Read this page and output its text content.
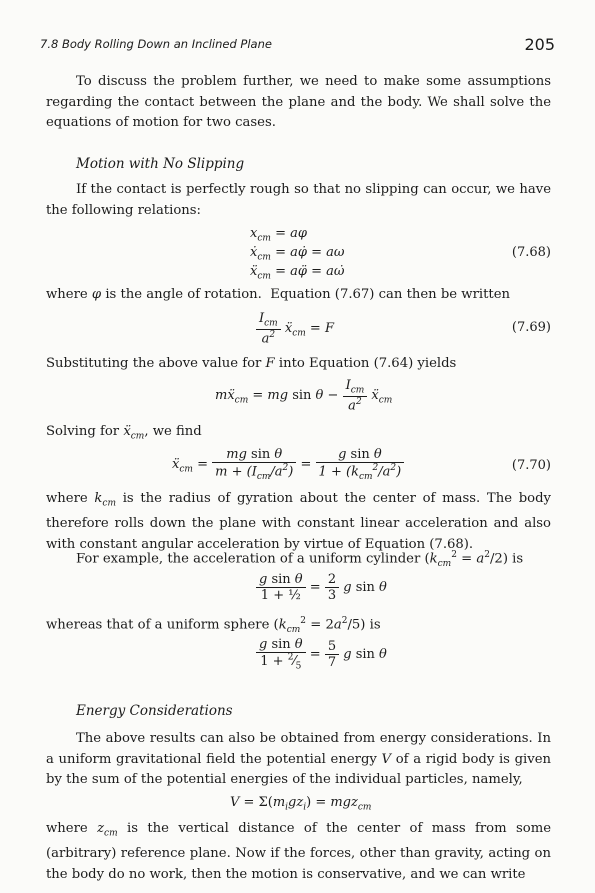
7.8 Body Rolling Down an Inclined Plane	205
To discuss the problem further, we need to make some assumptions regarding the contact between the plane and the body. We shall solve the equations of motion for two cases.
Motion with No Slipping
If the contact is perfectly rough so that no slipping can occur, we have the following relations:
$x_{cm} = a\varphi$
ẋ$_{cm}$ = aφ̇ = aω
ẍ$_{cm}$ = aφ̈ = aω̇
(7.68)
where φ is the angle of rotation.  Equation (7.67) can then be written
$\frac{I_{cm}}{a^2}$ ẍ$_{cm}$ = F	(7.69)
Substituting the above value for F into Equation (7.64) yields
mẍ$_{cm}$ = mg $\sin \theta - \frac{I_{cm}}{a^2}$ ẍ$_{cm}$
Solving for ẍ$_{cm}$, we find
ẍ$_{cm}$ = $\frac{\text{mg sin θ}}{m + (I_{cm}/a^2)} = \frac{\text{g sin θ}}{1 + (k_{cm}^2/a^2)}$	(7.70)
where $k_{cm}$ is the radius of gyration about the center of mass. The body therefore rolls down the plane with constant linear acceleration and also with constant angular acceleration by virtue of Equation (7.68).
For example, the acceleration of a uniform cylinder $(k_{cm}^2 = a^2/2)$ is
$\frac{\text{g sin θ}}{\text{1 + ½}} = \frac{2}{3}$ g sin θ
whereas that of a uniform sphere $(k_{cm}^2 = 2a^2/5)$ is
$\frac{\text{g sin θ}}{1 + ^2⁄_5} = \frac{5}{7}$ g sin θ
Energy Considerations
The above results can also be obtained from energy considerations. In a uniform gravitational field the potential energy V of a rigid body is given by the sum of the potential energies of the individual particles, namely,
$V = \Sigma(m_igz_i) = mgz_{cm}$
where $z_{cm}$ is the vertical distance of the center of mass from some (arbitrary) reference plane. Now if the forces, other than gravity, acting on the body do no work, then the motion is conservative, and we can write
